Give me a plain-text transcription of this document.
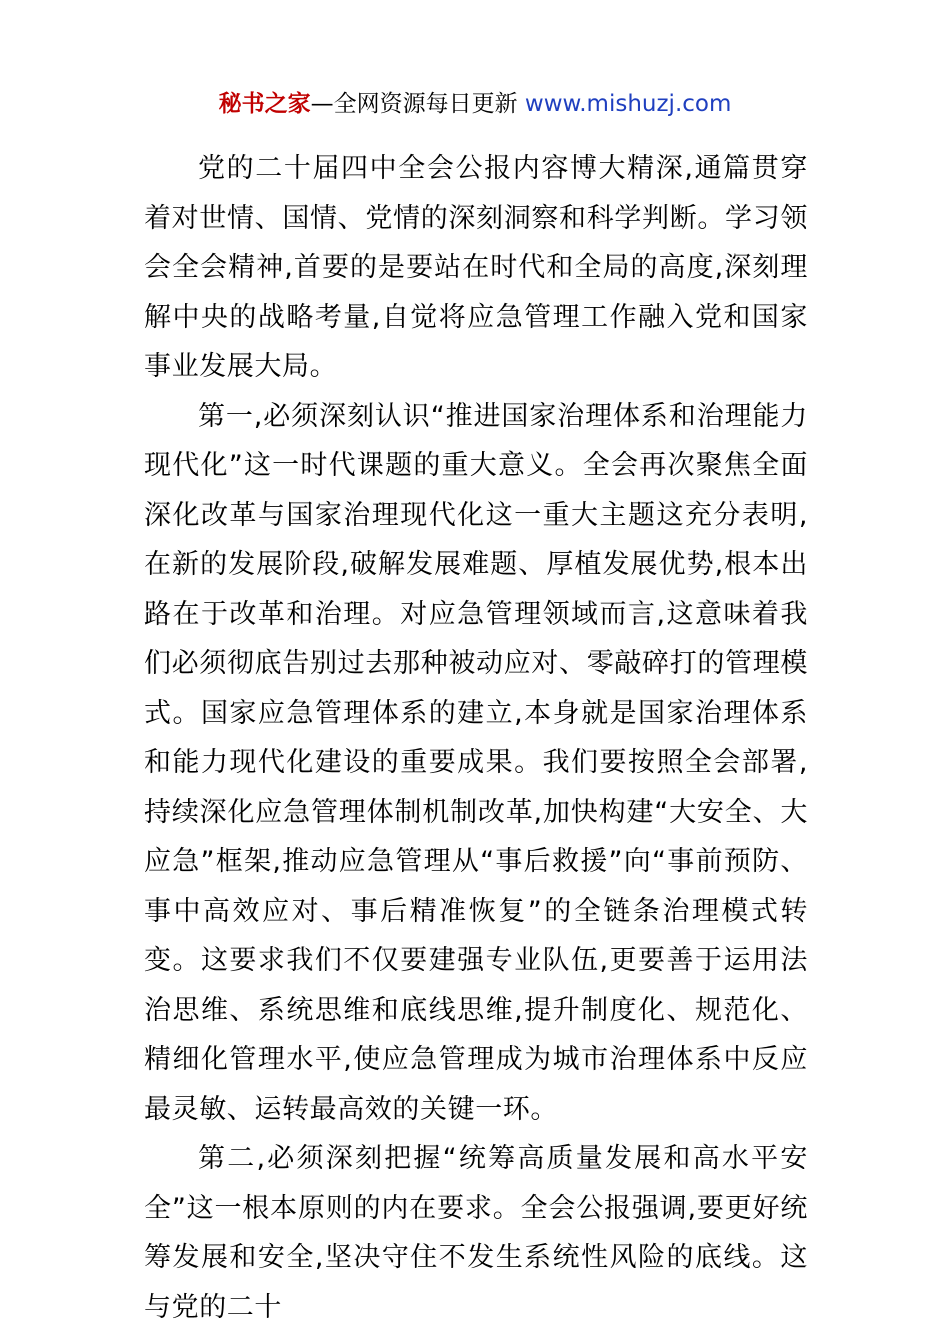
秘书之家—全网资源每日更新 www.mishuzj.com

党的二十届四中全会公报内容博大精深,通篇贯穿着对世情、国情、党情的深刻洞察和科学判断。学习领会全会精神,首要的是要站在时代和全局的高度,深刻理解中央的战略考量,自觉将应急管理工作融入党和国家事业发展大局。

第一,必须深刻认识“推进国家治理体系和治理能力现代化”这一时代课题的重大意义。全会再次聚焦全面深化改革与国家治理现代化这一重大主题这充分表明,在新的发展阶段,破解发展难题、厚植发展优势,根本出路在于改革和治理。对应急管理领域而言,这意味着我们必须彻底告别过去那种被动应对、零敲碎打的管理模式。国家应急管理体系的建立,本身就是国家治理体系和能力现代化建设的重要成果。我们要按照全会部署,持续深化应急管理体制机制改革,加快构建“大安全、大应急”框架,推动应急管理从“事后救援”向“事前预防、事中高效应对、事后精准恢复”的全链条治理模式转变。这要求我们不仅要建强专业队伍,更要善于运用法治思维、系统思维和底线思维,提升制度化、规范化、精细化管理水平,使应急管理成为城市治理体系中反应最灵敏、运转最高效的关键一环。

第二,必须深刻把握“统筹高质量发展和高水平安全”这一根本原则的内在要求。全会公报强调,要更好统筹发展和安全,坚决守住不发生系统性风险的底线。这与党的二十
